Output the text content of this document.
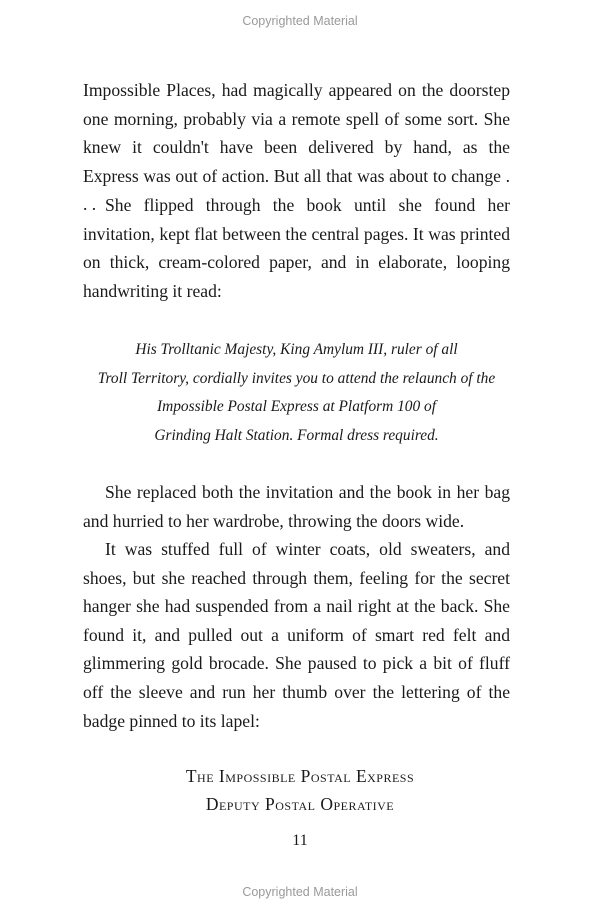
Copyrighted Material

Impossible Places, had magically appeared on the doorstep one morning, probably via a remote spell of some sort. She knew it couldn't have been delivered by hand, as the Express was out of action. But all that was about to change . . . She flipped through the book until she found her invitation, kept flat between the central pages. It was printed on thick, cream-colored paper, and in elaborate, looping handwriting it read:

His Trolltanic Majesty, King Amylum III, ruler of all
Troll Territory, cordially invites you to attend the relaunch of the
Impossible Postal Express at Platform 100 of
Grinding Halt Station. Formal dress required.

She replaced both the invitation and the book in her bag and hurried to her wardrobe, throwing the doors wide.

It was stuffed full of winter coats, old sweaters, and shoes, but she reached through them, feeling for the secret hanger she had suspended from a nail right at the back. She found it, and pulled out a uniform of smart red felt and glimmering gold brocade. She paused to pick a bit of fluff off the sleeve and run her thumb over the lettering of the badge pinned to its lapel:

The Impossible Postal Express
Deputy Postal Operative
11
Copyrighted Material
